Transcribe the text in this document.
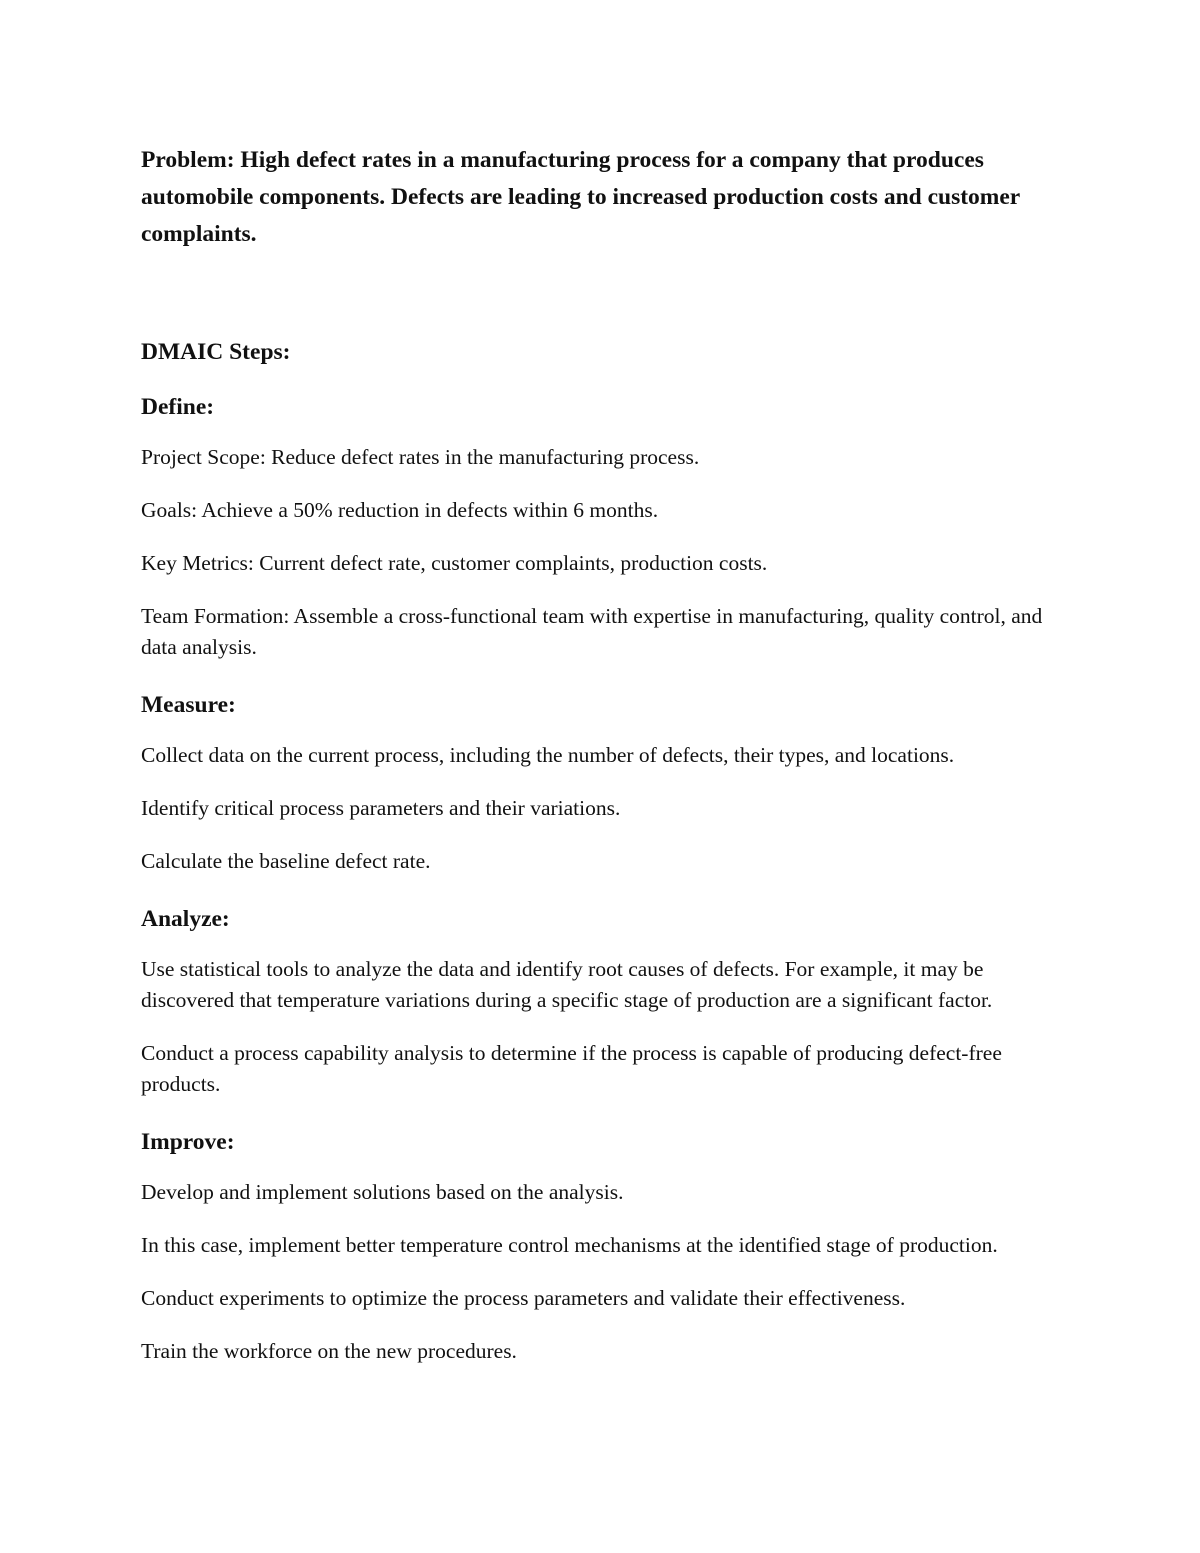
Problem: High defect rates in a manufacturing process for a company that produces automobile components. Defects are leading to increased production costs and customer complaints.

DMAIC Steps:
Define:

Project Scope: Reduce defect rates in the manufacturing process.

Goals: Achieve a 50% reduction in defects within 6 months.

Key Metrics: Current defect rate, customer complaints, production costs.

Team Formation: Assemble a cross-functional team with expertise in manufacturing, quality control, and data analysis.

Measure:

Collect data on the current process, including the number of defects, their types, and locations.

Identify critical process parameters and their variations.

Calculate the baseline defect rate.

Analyze:

Use statistical tools to analyze the data and identify root causes of defects. For example, it may be discovered that temperature variations during a specific stage of production are a significant factor.

Conduct a process capability analysis to determine if the process is capable of producing defect-free products.

Improve:

Develop and implement solutions based on the analysis.

In this case, implement better temperature control mechanisms at the identified stage of production.

Conduct experiments to optimize the process parameters and validate their effectiveness.

Train the workforce on the new procedures.
